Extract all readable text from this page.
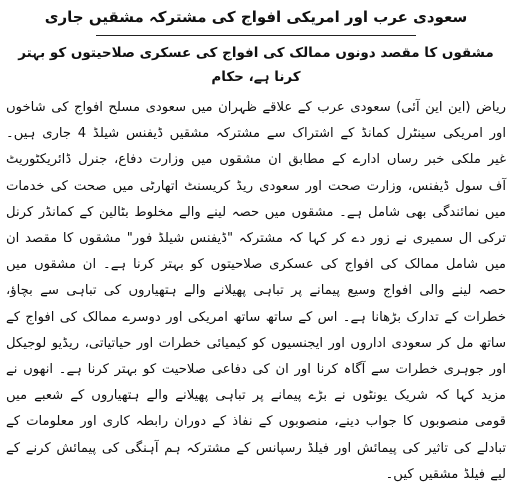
سعودی عرب اور امریکی افواج کی مشترکہ مشقیں جاری
مشقوں کا مقصد دونوں ممالک کی افواج کی عسکری صلاحیتوں کو بہتر کرنا ہے، حکام

ریاض (این این آئی) سعودی عرب کے علاقے ظہران میں سعودی مسلح افواج کی شاخوں اور امریکی سینٹرل کمانڈ کے اشتراک سے مشترکہ مشقیں ڈیفنس شیلڈ 4 جاری ہیں۔ غیر ملکی خبر رساں ادارے کے مطابق ان مشقوں میں وزارت دفاع، جنرل ڈائریکٹوریٹ آف سول ڈیفنس، وزارت صحت اور سعودی ریڈ کریسنٹ اتھارٹی میں صحت کی خدمات میں نمائندگی بھی شامل ہے۔ مشقوں میں حصہ لینے والے مخلوط بٹالین کے کمانڈر کرنل ترکی ال سمیری نے زور دے کر کہا کہ مشترکہ "ڈیفنس شیلڈ فور" مشقوں کا مقصد ان میں شامل ممالک کی افواج کی عسکری صلاحیتوں کو بہتر کرنا ہے۔ ان مشقوں میں حصہ لینے والی افواج وسیع پیمانے پر تباہی پھیلانے والے ہتھیاروں کی تباہی سے بچاؤ، خطرات کے تدارک بڑھانا ہے۔ اس کے ساتھ ساتھ امریکی اور دوسرے ممالک کی افواج کے ساتھ مل کر سعودی اداروں اور ایجنسیوں کو کیمیائی خطرات اور حیاتیاتی، ریڈیو لوجیکل اور جوہری خطرات سے آگاہ کرنا اور ان کی دفاعی صلاحیت کو بہتر کرنا ہے۔ انھوں نے مزید کہا کہ شریک یونٹوں نے بڑے پیمانے پر تباہی پھیلانے والے ہتھیاروں کے شعبے میں قومی منصوبوں کا جواب دینے، منصوبوں کے نفاذ کے دوران رابطہ کاری اور معلومات کے تبادلے کی تاثیر کی پیمائش اور فیلڈ رسپانس کے مشترکہ ہم آہنگی کی پیمائش کرنے کے لیے فیلڈ مشقیں کیں۔
